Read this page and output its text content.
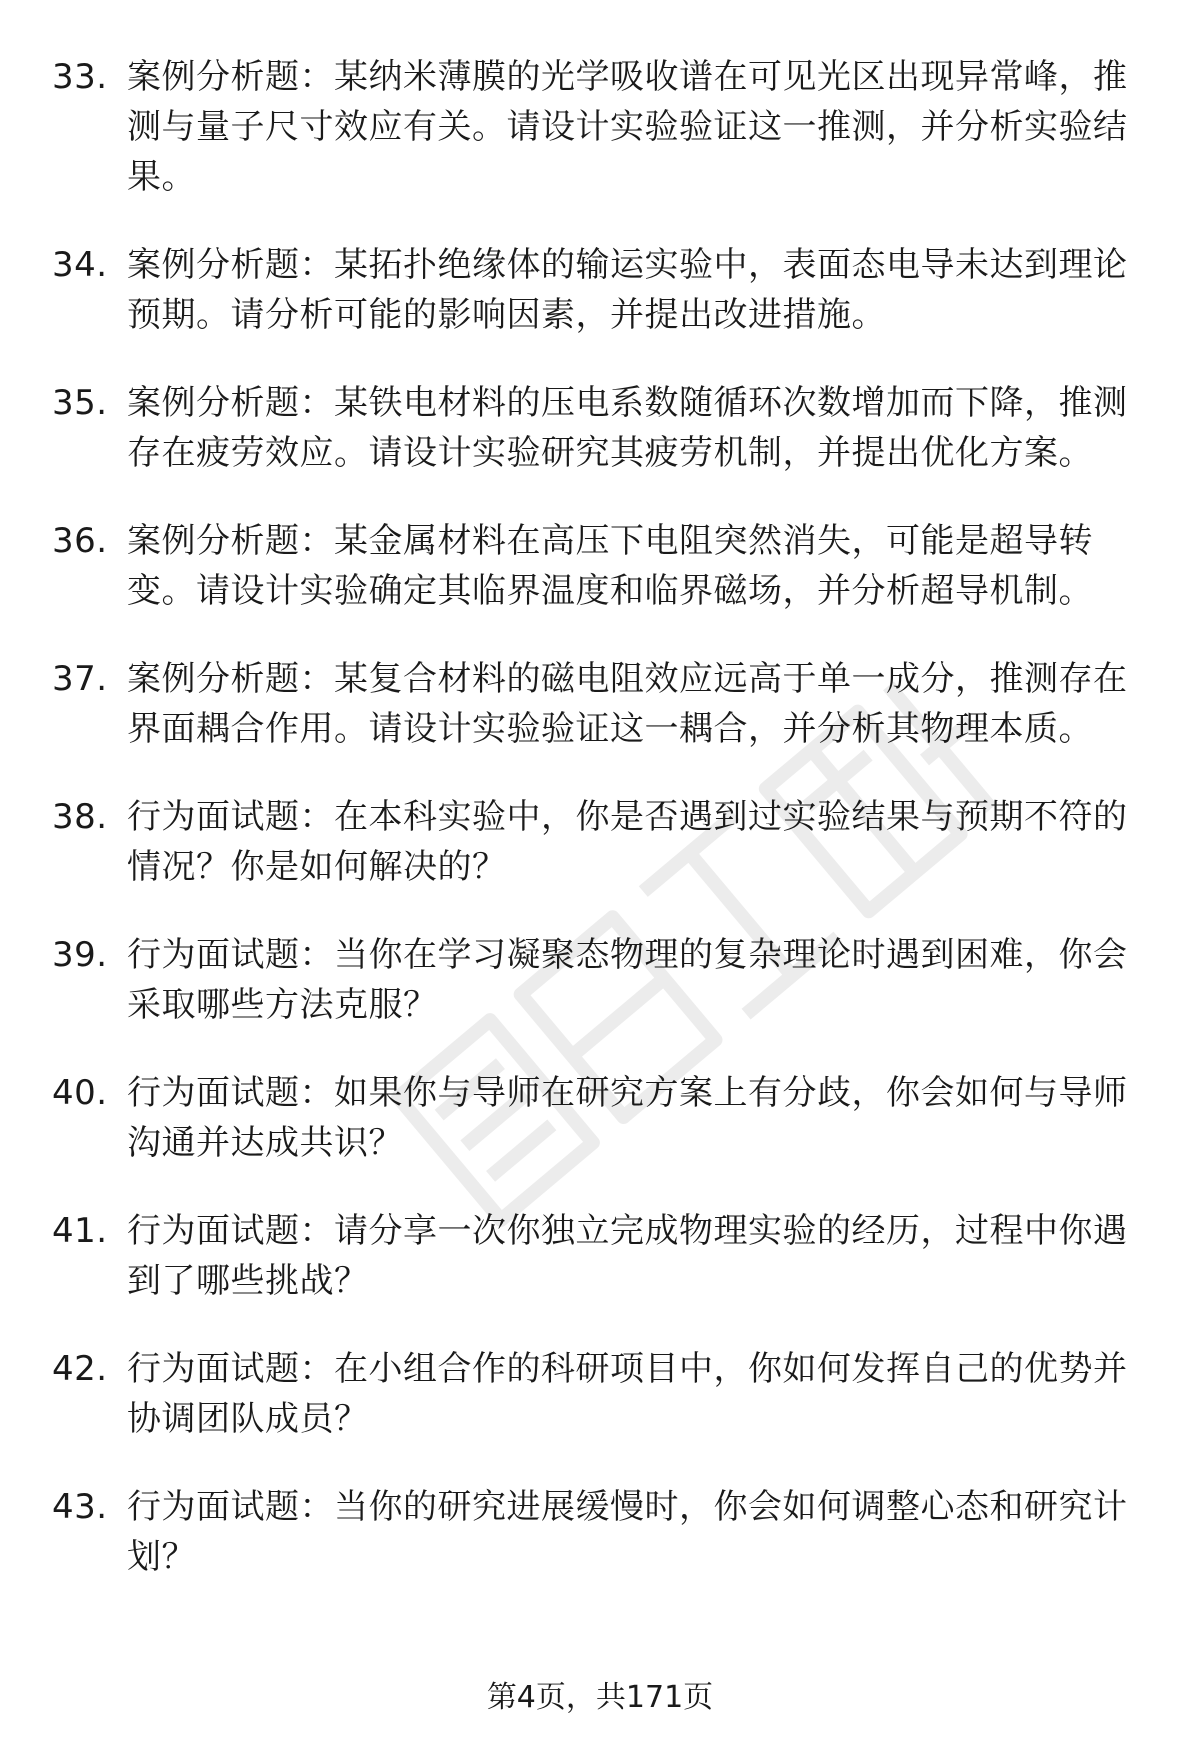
33. 案例分析题：某纳米薄膜的光学吸收谱在可见光区出现异常峰，推测与量子尺寸效应有关。请设计实验验证这一推测，并分析实验结果。
34. 案例分析题：某拓扑绝缘体的输运实验中，表面态电导未达到理论预期。请分析可能的影响因素，并提出改进措施。
35. 案例分析题：某铁电材料的压电系数随循环次数增加而下降，推测存在疲劳效应。请设计实验研究其疲劳机制，并提出优化方案。
36. 案例分析题：某金属材料在高压下电阻突然消失，可能是超导转变。请设计实验确定其临界温度和临界磁场，并分析超导机制。
37. 案例分析题：某复合材料的磁电阻效应远高于单一成分，推测存在界面耦合作用。请设计实验验证这一耦合，并分析其物理本质。
38. 行为面试题：在本科实验中，你是否遇到过实验结果与预期不符的情况？你是如何解决的？
39. 行为面试题：当你在学习凝聚态物理的复杂理论时遇到困难，你会采取哪些方法克服？
40. 行为面试题：如果你与导师在研究方案上有分歧，你会如何与导师沟通并达成共识？
41. 行为面试题：请分享一次你独立完成物理实验的经历，过程中你遇到了哪些挑战？
42. 行为面试题：在小组合作的科研项目中，你如何发挥自己的优势并协调团队成员？
43. 行为面试题：当你的研究进展缓慢时，你会如何调整心态和研究计划？
第4页，共171页
